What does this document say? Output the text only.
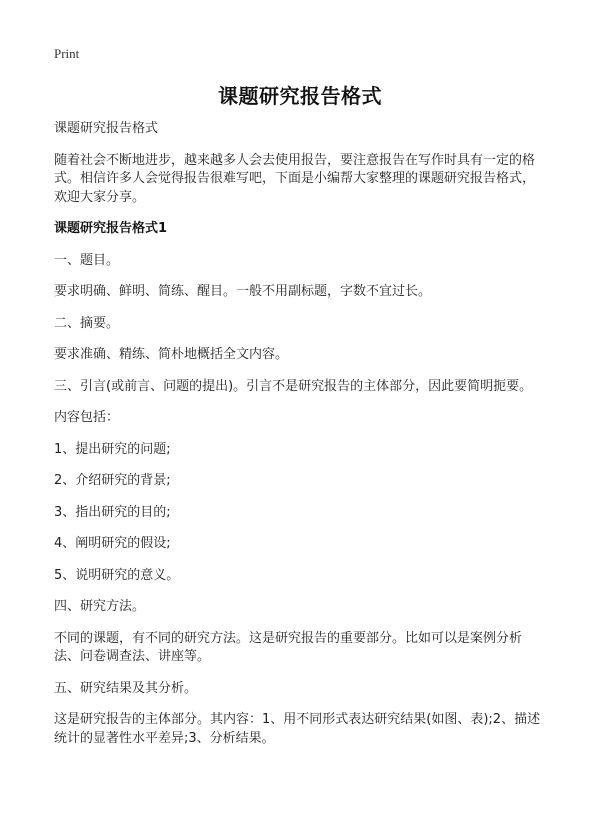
Print
课题研究报告格式

课题研究报告格式

随着社会不断地进步，越来越多人会去使用报告，要注意报告在写作时具有一定的格式。相信许多人会觉得报告很难写吧，下面是小编帮大家整理的课题研究报告格式，欢迎大家分享。

课题研究报告格式1

一、题目。

要求明确、鲜明、简练、醒目。一般不用副标题，字数不宜过长。

二、摘要。

要求准确、精练、简朴地概括全文内容。

三、引言(或前言、问题的提出)。引言不是研究报告的主体部分，因此要简明扼要。

内容包括：

1、提出研究的问题;

2、介绍研究的背景;

3、指出研究的目的;

4、阐明研究的假设;

5、说明研究的意义。

四、研究方法。

不同的课题，有不同的研究方法。这是研究报告的重要部分。比如可以是案例分析法、问卷调查法、讲座等。

五、研究结果及其分析。

这是研究报告的主体部分。其内容：1、用不同形式表达研究结果(如图、表);2、描述统计的显著性水平差异;3、分析结果。
